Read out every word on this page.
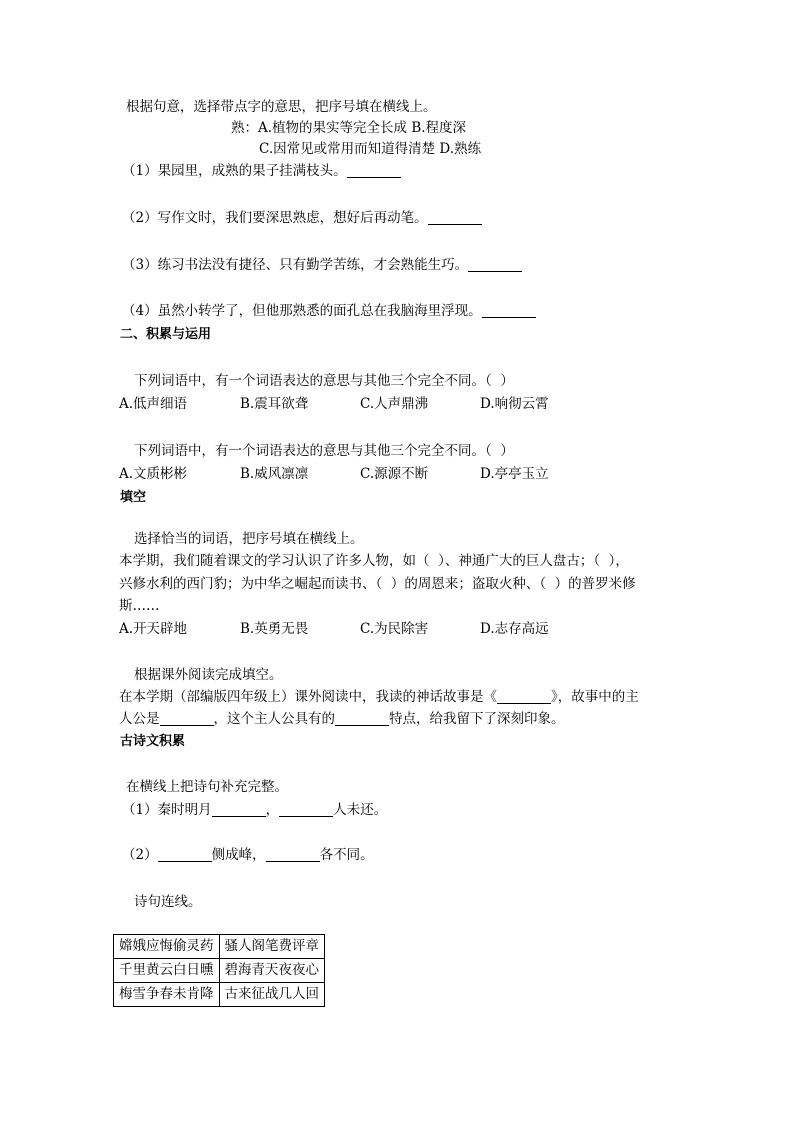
根据句意，选择带点字的意思，把序号填在横线上。
熟：A.植物的果实等完全长成 B.程度深
C.因常见或常用而知道得清楚 D.熟练
（1）果园里，成熟的果子挂满枝头。
（2）写作文时，我们要深思熟虑，想好后再动笔。
（3）练习书法没有捷径、只有勤学苦练，才会熟能生巧。
（4）虽然小转学了，但他那熟悉的面孔总在我脑海里浮现。
二、积累与运用
下列词语中，有一个词语表达的意思与其他三个完全不同。（  ）
A.低声细语	B.震耳欲聋	C.人声鼎沸	D.响彻云霄
下列词语中，有一个词语表达的意思与其他三个完全不同。（  ）
A.文质彬彬	B.威风凛凛	C.源源不断	D.亭亭玉立
填空
选择恰当的词语，把序号填在横线上。
本学期，我们随着课文的学习认识了许多人物，如（  ）、神通广大的巨人盘古；（  ），
兴修水利的西门豹；为中华之崛起而读书、（  ）的周恩来；盗取火种、（  ）的普罗米修
斯……
A.开天辟地	B.英勇无畏	C.为民除害	D.志存高远
根据课外阅读完成填空。
在本学期（部编版四年级上）课外阅读中，我读的神话故事是《	》，故事中的主
人公是	，这个主人公具有的	特点，给我留下了深刻印象。
古诗文积累
在横线上把诗句补充完整。
（1）秦时明月	，	人未还。
（2）	侧成峰，	各不同。
诗句连线。
嫦娥应悔偷灵药	骚人阁笔费评章
千里黄云白日曛	碧海青天夜夜心
梅雪争春未肯降	古来征战几人回
